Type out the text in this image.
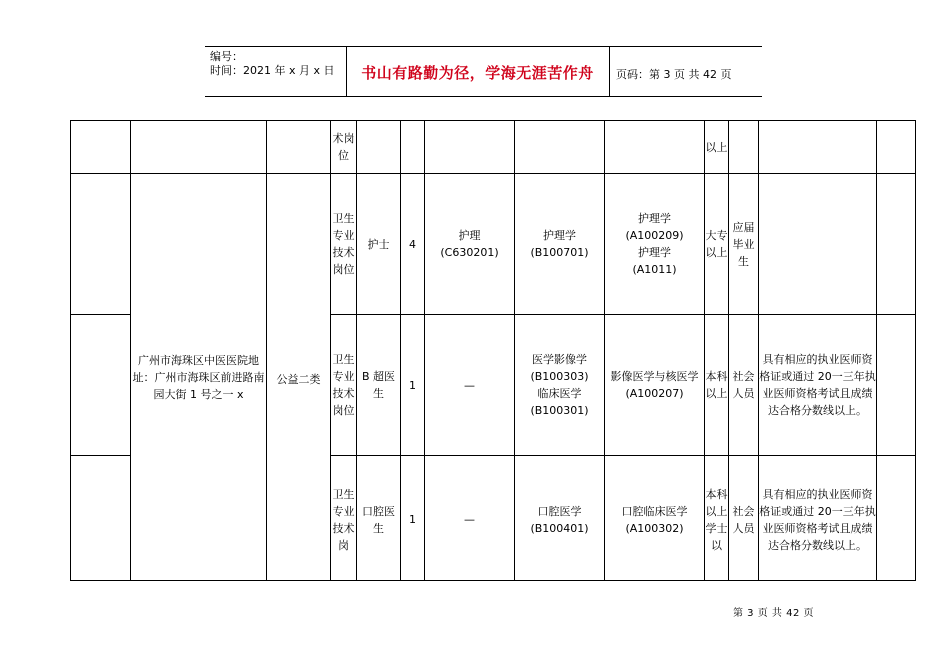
编号：
时间：2021 年 x 月 x 日	书山有路勤为径，学海无涯苦作舟	页码：第 3 页 共 42 页
			术岗位						以上			
	广州市海珠区中医医院地址：广州市海珠区前进路南园大街 1 号之一 x	公益二类	卫生专业技术岗位	护士	4	护理
(C630201)	护理学
(B100701)	护理学
(A100209)
护理学
(A1011)	大专以上	应届毕业生		
			卫生专业技术岗位	B 超医生	1	—	医学影像学
(B100303)
临床医学
(B100301)	影像医学与核医学
(A100207)	本科以上	社会人员	具有相应的执业医师资格证或通过 20一三年执业医师资格考试且成绩达合格分数线以上。	
			卫生专业技术岗	口腔医生	1	—	口腔医学
(B100401)	口腔临床医学
(A100302)	本科以上学士以	社会人员	具有相应的执业医师资格证或通过 20一三年执业医师资格考试且成绩达合格分数线以上。	
第 3 页 共 42 页
